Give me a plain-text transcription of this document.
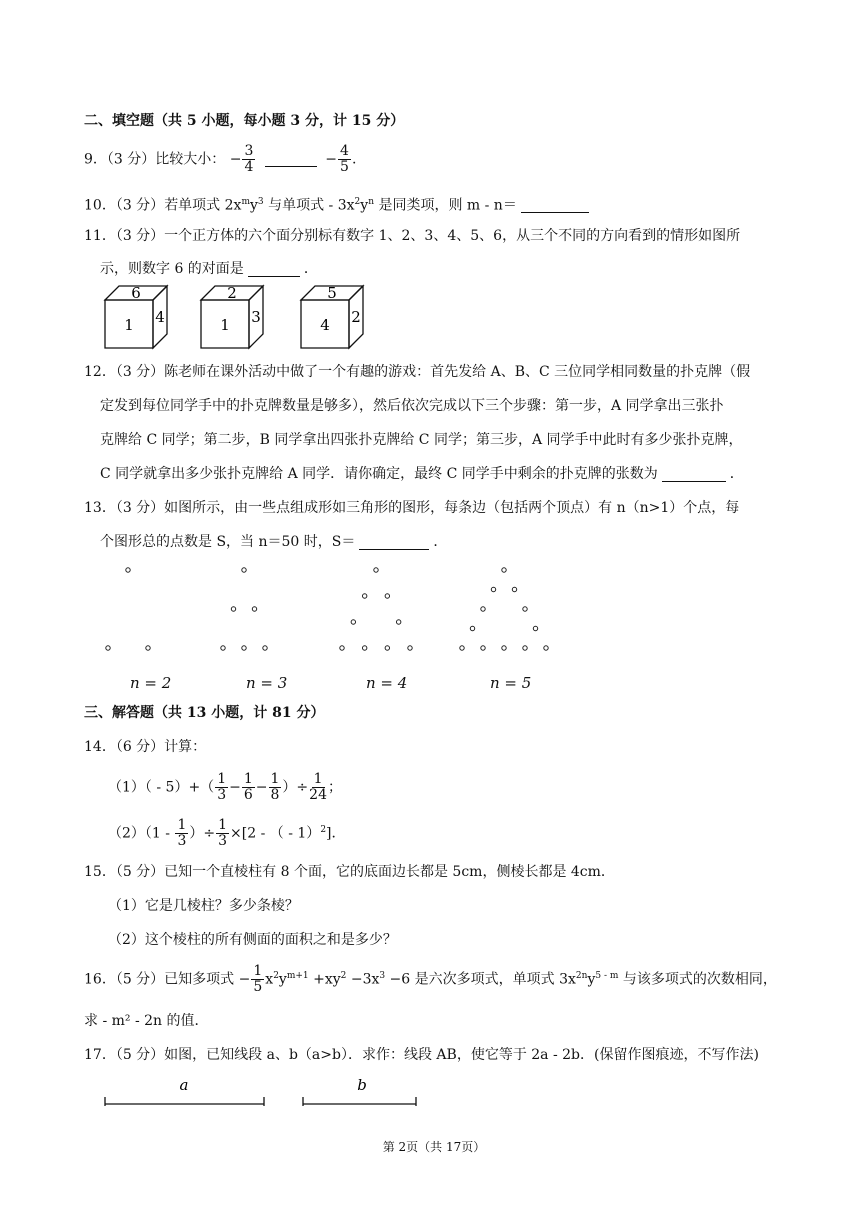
二、填空题（共 5 小题，每小题 3 分，计 15 分）
9．（3 分）比较大小： − $\frac{3}{4}$	− $\frac{4}{5}$ .
10．（3 分）若单项式 $2x^my^3$ 与单项式 - $3x^2y^n$ 是同类项，则 m - n＝
11．（3 分）一个正方体的六个面分别标有数字 1、2、3、4、5、6，从三个不同的方向看到的情形如图所
示，则数字 6 的对面是	．
6
1 4
2
1 3
5
4 2
12．（3 分）陈老师在课外活动中做了一个有趣的游戏：首先发给 A、B、C 三位同学相同数量的扑克牌（假
定发到每位同学手中的扑克牌数量是够多），然后依次完成以下三个步骤：第一步，A 同学拿出三张扑
克牌给 C 同学；第二步，B 同学拿出四张扑克牌给 C 同学；第三步，A 同学手中此时有多少张扑克牌，
C 同学就拿出多少张扑克牌给 A 同学．请你确定，最终 C 同学手中剩余的扑克牌的张数为	．
13．（3 分）如图所示，由一些点组成形如三角形的图形，每条边（包括两个顶点）有 n（n>1）个点，每
个图形总的点数是 S，当 n＝50 时，S＝	．
n = 2	n = 3	n = 4	n = 5
三、解答题（共 13 小题，计 81 分）
14．（6 分）计算：
$(1)( - 5)+( \frac{1}{3} - \frac{1}{6} - \frac{1}{8}$ ）÷ $\frac{1}{24}$ ；
$(2)(1 - \frac{1}{3}$ ）÷ $\frac{1}{3} \times[2$ - （ - 1）$^2$]．
15．（5 分）已知一个直棱柱有 8 个面，它的底面边长都是 5cm，侧棱长都是 4cm．
（1）它是几棱柱？多少条棱？
（2）这个棱柱的所有侧面的面积之和是多少？
16．（5 分）已知多项式 − $\frac{1}{5} x^2y^{m+1} +xy^2 -3x^3 -6$ 是六次多项式，单项式 $3x^{2n}y^{5 - m}$ 与该多项式的次数相同，
求 - m² - 2n 的值．
17．（5 分）如图，已知线段 a、b（a>b）．求作：线段 AB，使它等于 2a - 2b．(保留作图痕迹，不写作法)
a	b
第 2页（共 17页）
